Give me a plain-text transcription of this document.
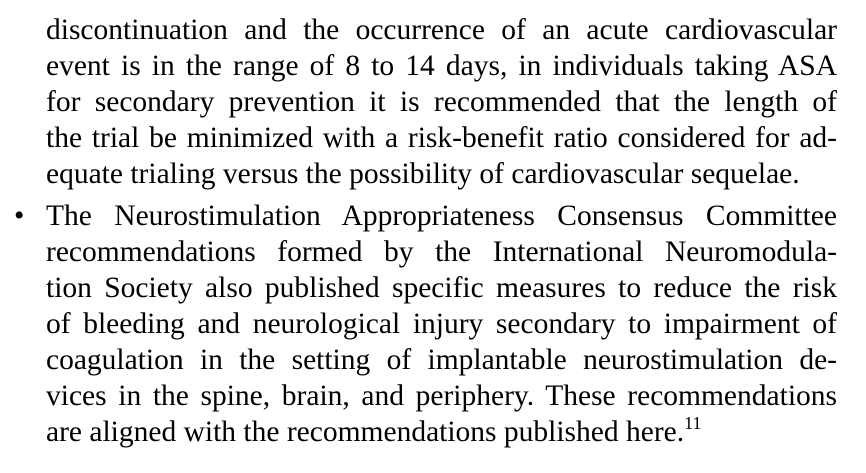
discontinuation and the occurrence of an acute cardiovascular
event is in the range of 8 to 14 days, in individuals taking ASA
for secondary prevention it is recommended that the length of
the trial be minimized with a risk-benefit ratio considered for ad-
equate trialing versus the possibility of cardiovascular sequelae.
• The Neurostimulation Appropriateness Consensus Committee
recommendations formed by the International Neuromodula-
tion Society also published specific measures to reduce the risk
of bleeding and neurological injury secondary to impairment of
coagulation in the setting of implantable neurostimulation de-
vices in the spine, brain, and periphery. These recommendations
are aligned with the recommendations published here.$^{11}$
